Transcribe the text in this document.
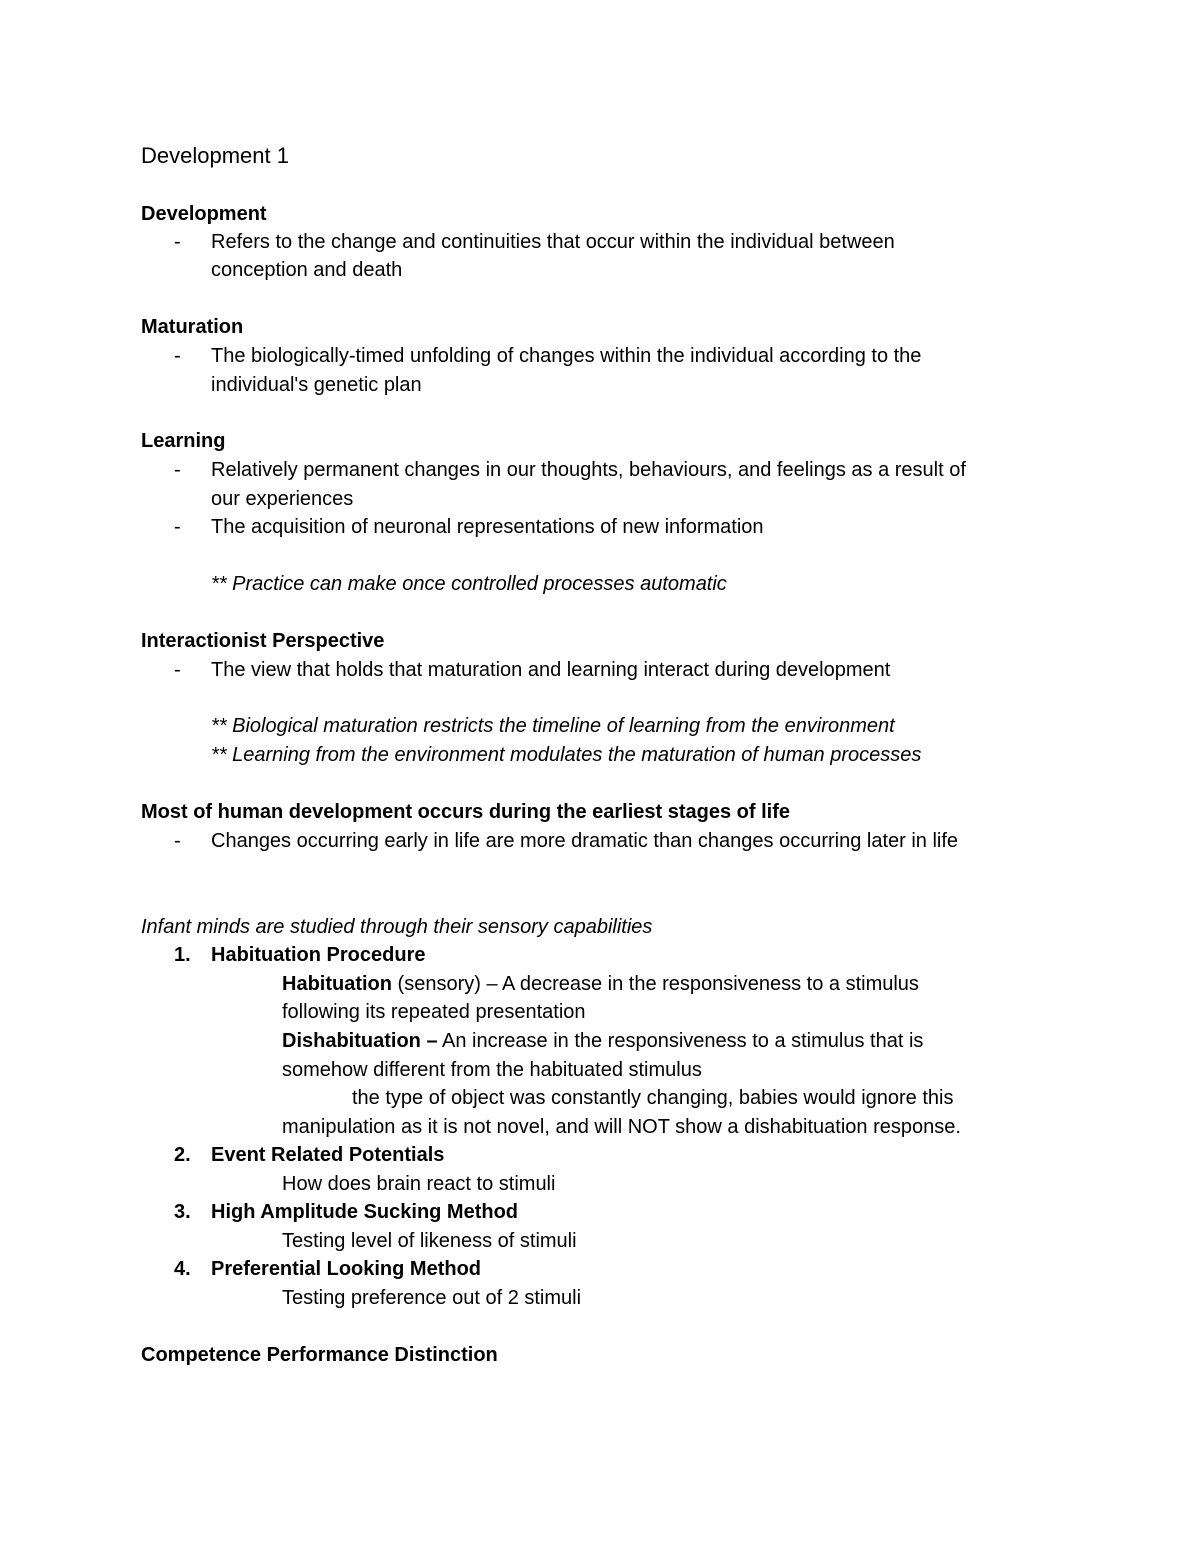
Development 1
Development
- Refers to the change and continuities that occur within the individual between
conception and death
Maturation
- The biologically-timed unfolding of changes within the individual according to the
individual's genetic plan
Learning
- Relatively permanent changes in our thoughts, behaviours, and feelings as a result of
our experiences
- The acquisition of neuronal representations of new information
** Practice can make once controlled processes automatic
Interactionist Perspective
- The view that holds that maturation and learning interact during development
** Biological maturation restricts the timeline of learning from the environment
** Learning from the environment modulates the maturation of human processes
Most of human development occurs during the earliest stages of life
- Changes occurring early in life are more dramatic than changes occurring later in life
Infant minds are studied through their sensory capabilities
1. Habituation Procedure
Habituation (sensory) – A decrease in the responsiveness to a stimulus
following its repeated presentation
Dishabituation – An increase in the responsiveness to a stimulus that is
somehow different from the habituated stimulus
the type of object was constantly changing, babies would ignore this
manipulation as it is not novel, and will NOT show a dishabituation response.
2. Event Related Potentials
How does brain react to stimuli
3. High Amplitude Sucking Method
Testing level of likeness of stimuli
4. Preferential Looking Method
Testing preference out of 2 stimuli
Competence Performance Distinction
